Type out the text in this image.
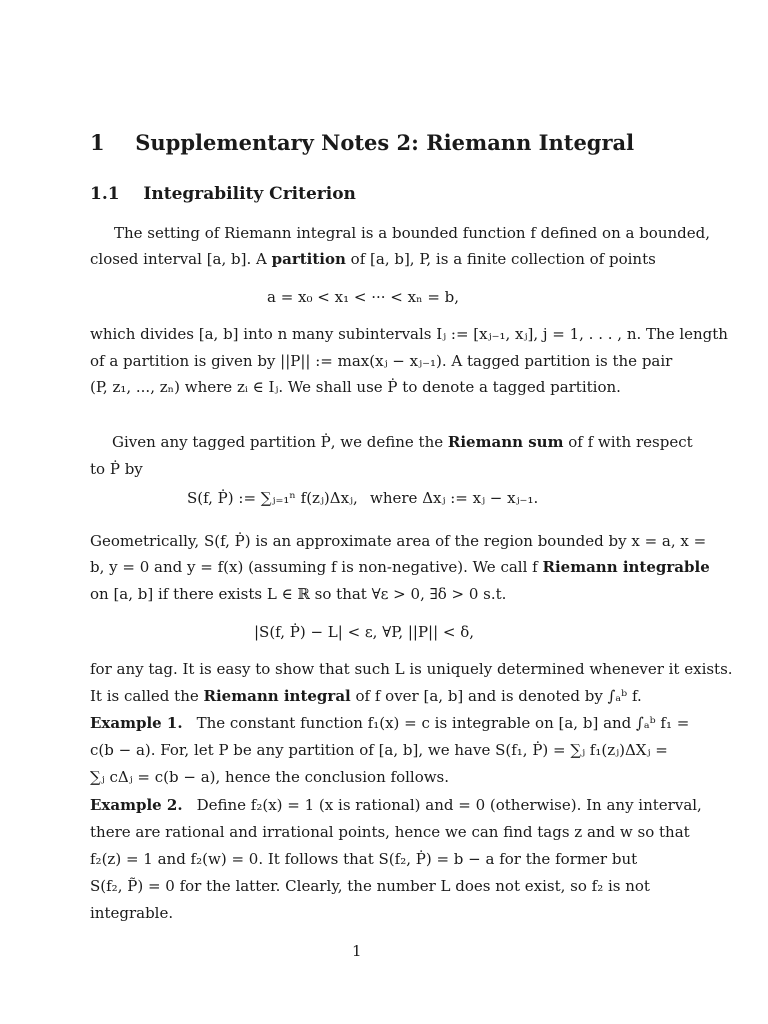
1 Supplementary Notes 2: Riemann Integral
1.1 Integrability Criterion
The setting of Riemann integral is a bounded function f defined on a bounded,
closed interval [a, b]. A partition of [a, b], P, is a finite collection of points
a = x₀ < x₁ < ··· < xₙ = b,
which divides [a, b] into n many subintervals Iⱼ := [xⱼ₋₁, xⱼ], j = 1, . . . , n. The length
of a partition is given by ||P|| := max(xⱼ − xⱼ₋₁). A tagged partition is the pair
(P, z₁, ..., zₙ) where zᵢ ∈ Iⱼ. We shall use Ṗ to denote a tagged partition.
Given any tagged partition Ṗ, we define the Riemann sum of f with respect
to Ṗ by
S(f, Ṗ) := ∑ⱼ₌₁ⁿ f(zⱼ)Δxⱼ, where Δxⱼ := xⱼ − xⱼ₋₁.
Geometrically, S(f, Ṗ) is an approximate area of the region bounded by x = a, x =
b, y = 0 and y = f(x) (assuming f is non-negative). We call f Riemann integrable
on [a, b] if there exists L ∈ ℝ so that ∀ε > 0, ∃δ > 0 s.t.
|S(f, Ṗ) − L| < ε, ∀P, ||P|| < δ,
for any tag. It is easy to show that such L is uniquely determined whenever it exists.
It is called the Riemann integral of f over [a, b] and is denoted by ∫ₐᵇ f.
Example 1. The constant function f₁(x) = c is integrable on [a, b] and ∫ₐᵇ f₁ =
c(b − a). For, let P be any partition of [a, b], we have S(f₁, Ṗ) = ∑ⱼ f₁(zⱼ)ΔXⱼ =
∑ⱼ cΔⱼ = c(b − a), hence the conclusion follows.
Example 2. Define f₂(x) = 1 (x is rational) and = 0 (otherwise). In any interval,
there are rational and irrational points, hence we can find tags z and w so that
f₂(z) = 1 and f₂(w) = 0. It follows that S(f₂, Ṗ) = b − a for the former but
S(f₂, P̃) = 0 for the latter. Clearly, the number L does not exist, so f₂ is not
integrable.
1
